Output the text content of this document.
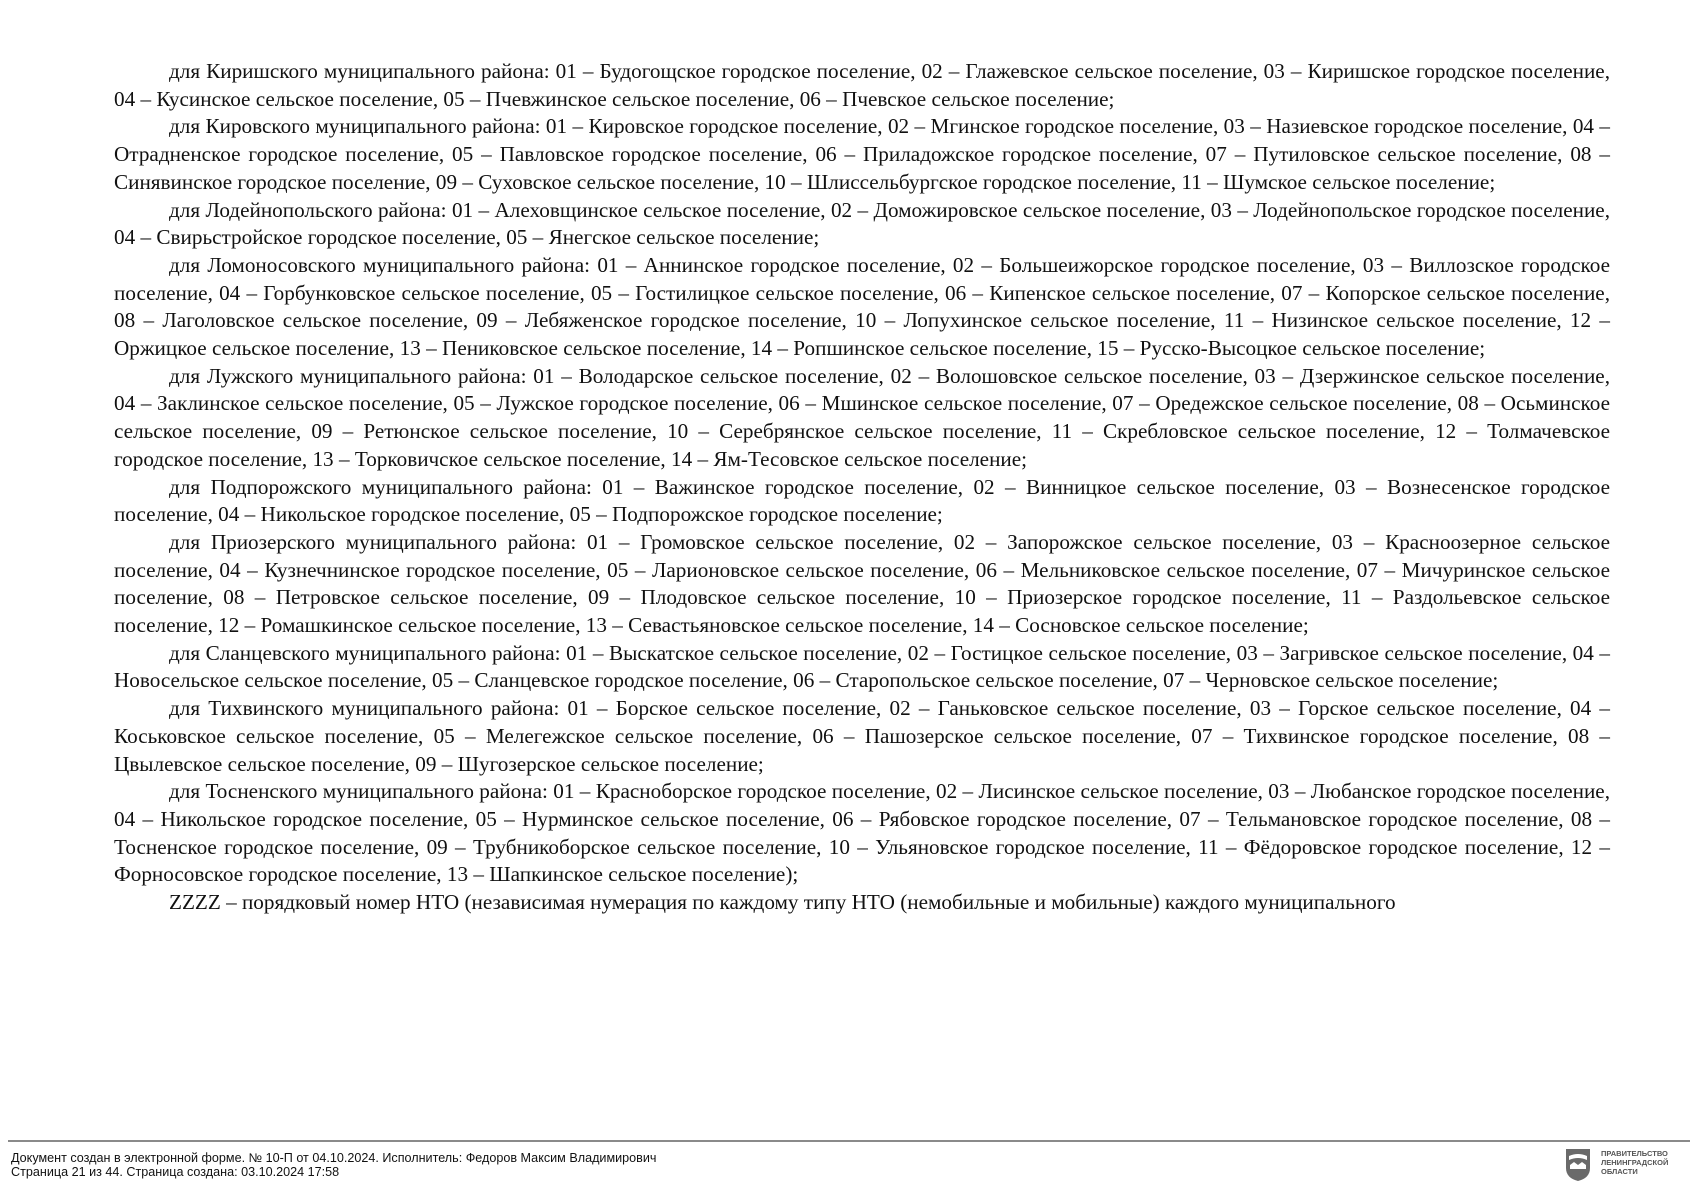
для Киришского муниципального района: 01 – Будогощское городское поселение, 02 – Глажевское сельское поселение, 03 – Киришское городское поселение, 04 – Кусинское сельское поселение, 05 – Пчевжинское сельское поселение, 06 – Пчевское сельское поселение;

для Кировского муниципального района: 01 – Кировское городское поселение, 02 – Мгинское городское поселение, 03 – Назиевское городское поселение, 04 – Отрадненское городское поселение, 05 – Павловское городское поселение, 06 – Приладожское городское поселение, 07 – Путиловское сельское поселение, 08 – Синявинское городское поселение, 09 – Суховское сельское поселение, 10 – Шлиссельбургское городское поселение, 11 – Шумское сельское поселение;

для Лодейнопольского района: 01 – Алеховщинское сельское поселение, 02 – Доможировское сельское поселение, 03 – Лодейнопольское городское поселение, 04 – Свирьстройское городское поселение, 05 – Янегское сельское поселение;

для Ломоносовского муниципального района: 01 – Аннинское городское поселение, 02 – Большеижорское городское поселение, 03 – Виллозское городское поселение, 04 – Горбунковское сельское поселение, 05 – Гостилицкое сельское поселение, 06 – Кипенское сельское поселение, 07 – Копорское сельское поселение, 08 – Лаголовское сельское поселение, 09 – Лебяженское городское поселение, 10 – Лопухинское сельское поселение, 11 – Низинское сельское поселение, 12 – Оржицкое сельское поселение, 13 – Пениковское сельское поселение, 14 – Ропшинское сельское поселение, 15 – Русско-Высоцкое сельское поселение;

для Лужского муниципального района: 01 – Володарское сельское поселение, 02 – Волошовское сельское поселение, 03 – Дзержинское сельское поселение, 04 – Заклинское сельское поселение, 05 – Лужское городское поселение, 06 – Мшинское сельское поселение, 07 – Оредежское сельское поселение, 08 – Осьминское сельское поселение, 09 – Ретюнское сельское поселение, 10 – Серебрянское сельское поселение, 11 – Скребловское сельское поселение, 12 – Толмачевское городское поселение, 13 – Торковичское сельское поселение, 14 – Ям-Тесовское сельское поселение;

для Подпорожского муниципального района: 01 – Важинское городское поселение, 02 – Винницкое сельское поселение, 03 – Вознесенское городское поселение, 04 – Никольское городское поселение, 05 – Подпорожское городское поселение;

для Приозерского муниципального района: 01 – Громовское сельское поселение, 02 – Запорожское сельское поселение, 03 – Красноозерное сельское поселение, 04 – Кузнечнинское городское поселение, 05 – Ларионовское сельское поселение, 06 – Мельниковское сельское поселение, 07 – Мичуринское сельское поселение, 08 – Петровское сельское поселение, 09 – Плодовское сельское поселение, 10 – Приозерское городское поселение, 11 – Раздольевское сельское поселение, 12 – Ромашкинское сельское поселение, 13 – Севастьяновское сельское поселение, 14 – Сосновское сельское поселение;

для Сланцевского муниципального района: 01 – Выскатское сельское поселение, 02 – Гостицкое сельское поселение, 03 – Загривское сельское поселение, 04 – Новосельское сельское поселение, 05 – Сланцевское городское поселение, 06 – Старопольское сельское поселение, 07 – Черновское сельское поселение;

для Тихвинского муниципального района: 01 – Борское сельское поселение, 02 – Ганьковское сельское поселение, 03 – Горское сельское поселение, 04 – Коськовское сельское поселение, 05 – Мелегежское сельское поселение, 06 – Пашозерское сельское поселение, 07 – Тихвинское городское поселение, 08 – Цвылевское сельское поселение, 09 – Шугозерское сельское поселение;

для Тосненского муниципального района: 01 – Красноборское городское поселение, 02 – Лисинское сельское поселение, 03 – Любанское городское поселение, 04 – Никольское городское поселение, 05 – Нурминское сельское поселение, 06 – Рябовское городское поселение, 07 – Тельмановское городское поселение, 08 – Тосненское городское поселение, 09 – Трубникоборское сельское поселение, 10 – Ульяновское городское поселение, 11 – Фёдоровское городское поселение, 12 – Форносовское городское поселение, 13 – Шапкинское сельское поселение);

ZZZZ – порядковый номер НТО (независимая нумерация по каждому типу НТО (немобильные и мобильные) каждого муниципального

Документ создан в электронной форме. № 10-П от 04.10.2024. Исполнитель: Федоров Максим Владимирович
Страница 21 из 44. Страница создана: 03.10.2024 17:58
ПРАВИТЕЛЬСТВО
ЛЕНИНГРАДСКОЙ
ОБЛАСТИ
